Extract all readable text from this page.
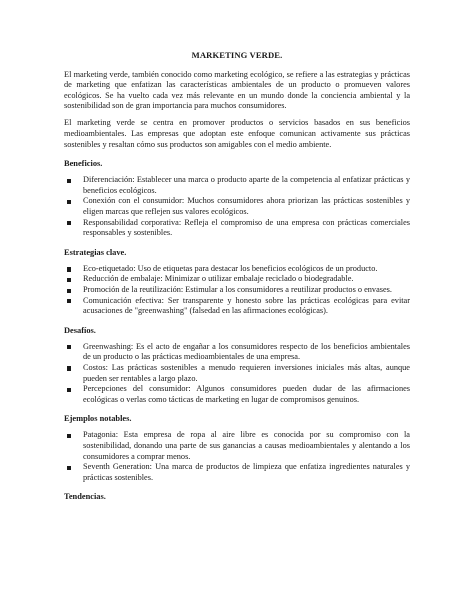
MARKETING VERDE.

El marketing verde, también conocido como marketing ecológico, se refiere a las estrategias y prácticas de marketing que enfatizan las características ambientales de un producto o promueven valores ecológicos. Se ha vuelto cada vez más relevante en un mundo donde la conciencia ambiental y la sostenibilidad son de gran importancia para muchos consumidores.

El marketing verde se centra en promover productos o servicios basados en sus beneficios medioambientales. Las empresas que adoptan este enfoque comunican activamente sus prácticas sostenibles y resaltan cómo sus productos son amigables con el medio ambiente.

Beneficios.
Diferenciación: Establecer una marca o producto aparte de la competencia al enfatizar prácticas y beneficios ecológicos.
Conexión con el consumidor: Muchos consumidores ahora priorizan las prácticas sostenibles y eligen marcas que reflejen sus valores ecológicos.
Responsabilidad corporativa: Refleja el compromiso de una empresa con prácticas comerciales responsables y sostenibles.
Estrategias clave.
Eco-etiquetado: Uso de etiquetas para destacar los beneficios ecológicos de un producto.
Reducción de embalaje: Minimizar o utilizar embalaje reciclado o biodegradable.
Promoción de la reutilización: Estimular a los consumidores a reutilizar productos o envases.
Comunicación efectiva: Ser transparente y honesto sobre las prácticas ecológicas para evitar acusaciones de "greenwashing" (falsedad en las afirmaciones ecológicas).
Desafíos.
Greenwashing: Es el acto de engañar a los consumidores respecto de los beneficios ambientales de un producto o las prácticas medioambientales de una empresa.
Costos: Las prácticas sostenibles a menudo requieren inversiones iniciales más altas, aunque pueden ser rentables a largo plazo.
Percepciones del consumidor: Algunos consumidores pueden dudar de las afirmaciones ecológicas o verlas como tácticas de marketing en lugar de compromisos genuinos.
Ejemplos notables.
Patagonia: Esta empresa de ropa al aire libre es conocida por su compromiso con la sostenibilidad, donando una parte de sus ganancias a causas medioambientales y alentando a los consumidores a comprar menos.
Seventh Generation: Una marca de productos de limpieza que enfatiza ingredientes naturales y prácticas sostenibles.
Tendencias.
